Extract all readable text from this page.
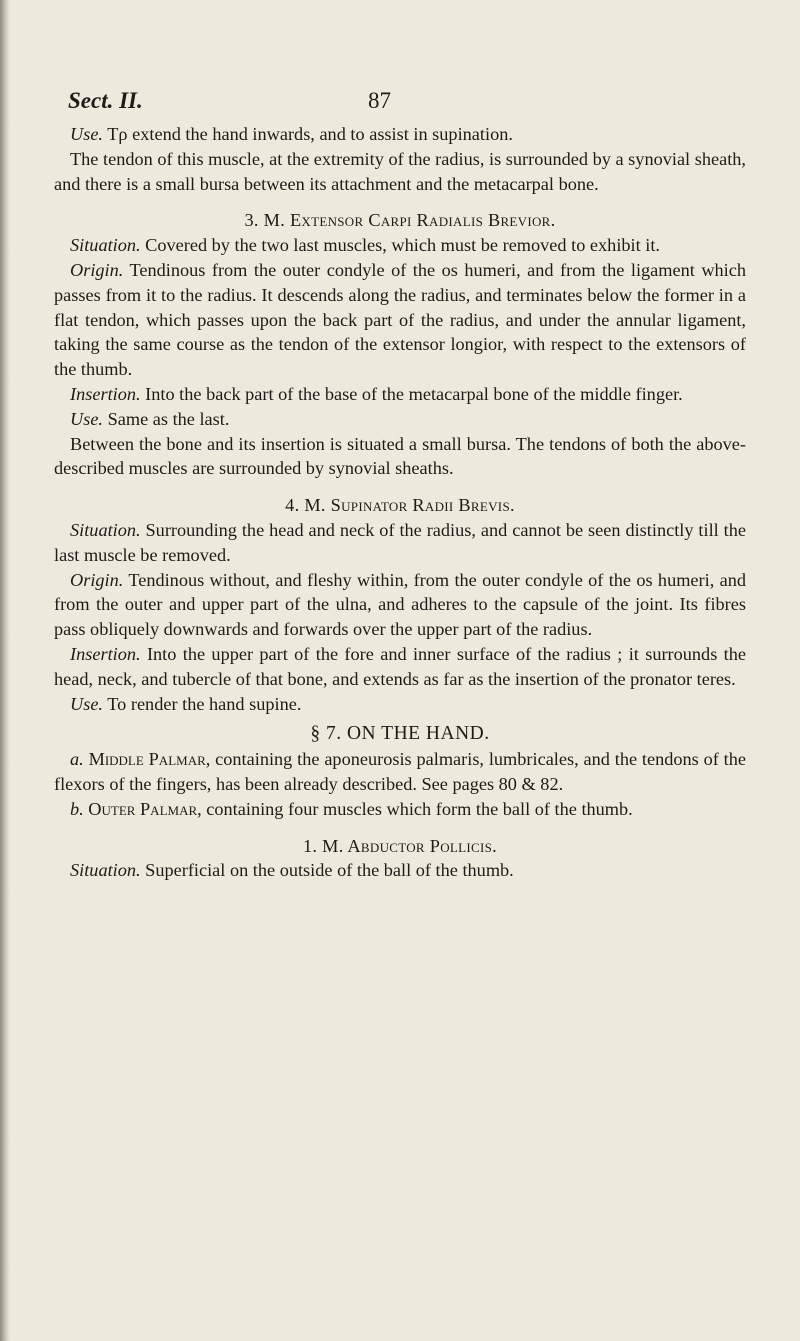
Sect. II.	87

Use. Tρ extend the hand inwards, and to assist in supination.

The tendon of this muscle, at the extremity of the radius, is surrounded by a synovial sheath, and there is a small bursa between its attachment and the metacarpal bone.

3. M. Extensor Carpi Radialis Brevior.

Situation. Covered by the two last muscles, which must be removed to exhibit it.

Origin. Tendinous from the outer condyle of the os humeri, and from the ligament which passes from it to the radius. It descends along the radius, and terminates below the former in a flat tendon, which passes upon the back part of the radius, and under the annular ligament, taking the same course as the tendon of the extensor longior, with respect to the extensors of the thumb.

Insertion. Into the back part of the base of the metacarpal bone of the middle finger.

Use. Same as the last.

Between the bone and its insertion is situated a small bursa. The tendons of both the above-described muscles are surrounded by synovial sheaths.

4. M. Supinator Radii Brevis.

Situation. Surrounding the head and neck of the radius, and cannot be seen distinctly till the last muscle be removed.

Origin. Tendinous without, and fleshy within, from the outer condyle of the os humeri, and from the outer and upper part of the ulna, and adheres to the capsule of the joint. Its fibres pass obliquely downwards and forwards over the upper part of the radius.

Insertion. Into the upper part of the fore and inner surface of the radius ; it surrounds the head, neck, and tubercle of that bone, and extends as far as the insertion of the pronator teres.

Use. To render the hand supine.

§ 7. ON THE HAND.

a. Middle Palmar, containing the aponeurosis palmaris, lumbricales, and the tendons of the flexors of the fingers, has been already described. See pages 80 & 82.

b. Outer Palmar, containing four muscles which form the ball of the thumb.

1. M. Abductor Pollicis.

Situation. Superficial on the outside of the ball of the thumb.
